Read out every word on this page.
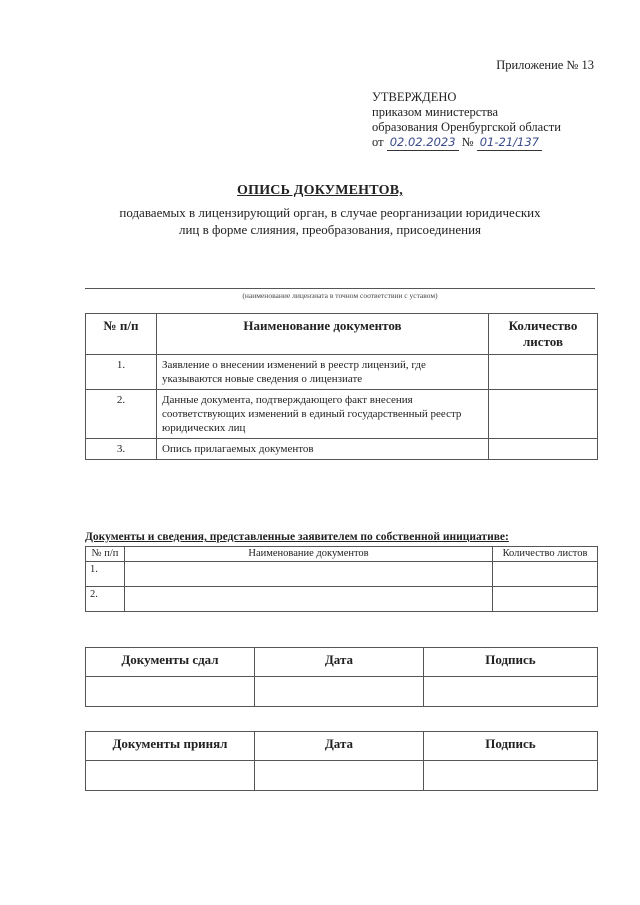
Приложение № 13
УТВЕРЖДЕНО
приказом министерства
образования Оренбургской области
от 02.02.2023 № 01-21/137
ОПИСЬ ДОКУМЕНТОВ,
подаваемых в лицензирующий орган, в случае реорганизации юридических
лиц в форме слияния, преобразования, присоединения
(наименование лицензиата в точном соответствии с уставом)
№ п/п	Наименование документов	Количество листов
1.	Заявление о внесении изменений в реестр лицензий, где указываются новые сведения о лицензиате	
2.	Данные документа, подтверждающего факт внесения соответствующих изменений в единый государственный реестр юридических лиц	
3.	Опись прилагаемых документов	
Документы и сведения, представленные заявителем по собственной инициативе:
№ п/п	Наименование документов	Количество листов
1.		
2.		
Документы сдал	Дата	Подпись

Документы принял	Дата	Подпись
